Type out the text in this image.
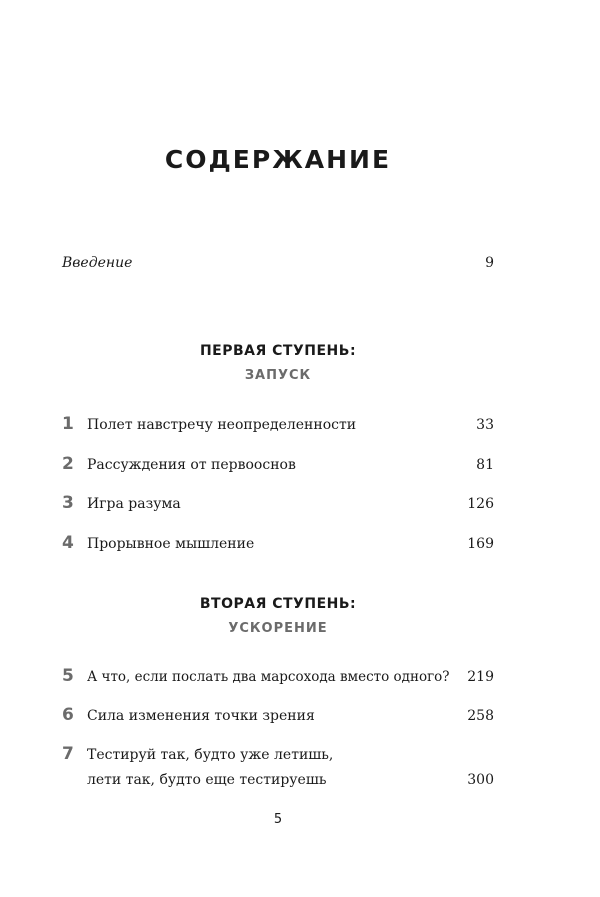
СОДЕРЖАНИЕ
Введение	9
ПЕРВАЯ СТУПЕНЬ:
ЗАПУСК
1 Полет навстречу неопределенности	33
2 Рассуждения от первооснов	81
3 Игра разума	126
4 Прорывное мышление	169
ВТОРАЯ СТУПЕНЬ:
УСКОРЕНИЕ
5 А что, если послать два марсохода вместо одного?	219
6 Сила изменения точки зрения	258
7 Тестируй так, будто уже летишь,
лети так, будто еще тестируешь	300
5
